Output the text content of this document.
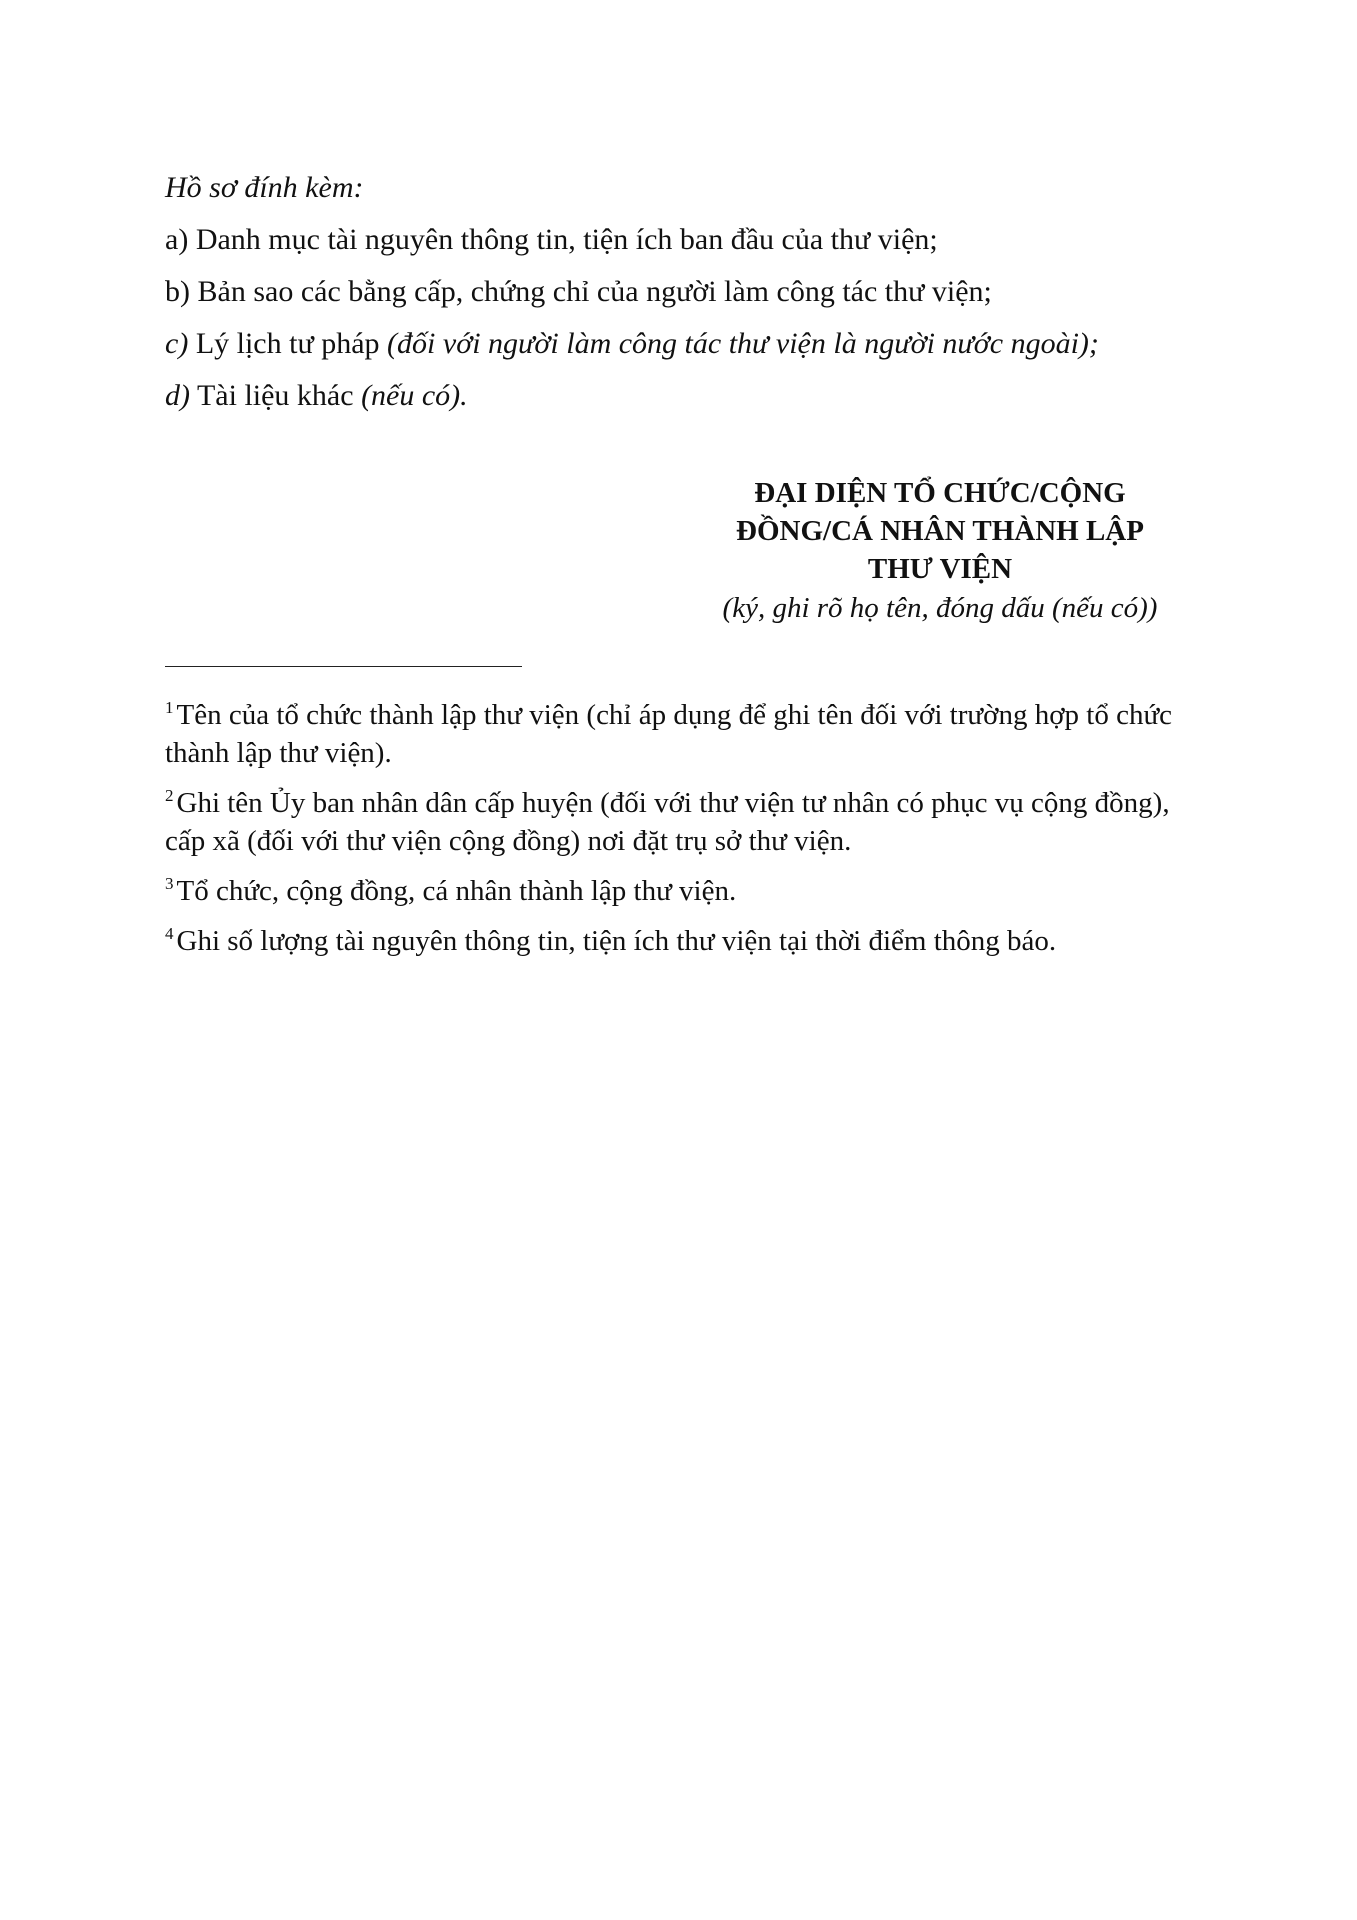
Hồ sơ đính kèm:
a) Danh mục tài nguyên thông tin, tiện ích ban đầu của thư viện;
b) Bản sao các bằng cấp, chứng chỉ của người làm công tác thư viện;
c) Lý lịch tư pháp (đối với người làm công tác thư viện là người nước ngoài);
d) Tài liệu khác (nếu có).
ĐẠI DIỆN TỔ CHỨC/CỘNG
ĐỒNG/CÁ NHÂN THÀNH LẬP
THƯ VIỆN
(ký, ghi rõ họ tên, đóng dấu (nếu có))
$^1$ Tên của tổ chức thành lập thư viện (chỉ áp dụng để ghi tên đối với trường hợp tổ chức thành lập thư viện).
$^2$ Ghi tên Ủy ban nhân dân cấp huyện (đối với thư viện tư nhân có phục vụ cộng đồng), cấp xã (đối với thư viện cộng đồng) nơi đặt trụ sở thư viện.
$^3$ Tổ chức, cộng đồng, cá nhân thành lập thư viện.
$^4$ Ghi số lượng tài nguyên thông tin, tiện ích thư viện tại thời điểm thông báo.
